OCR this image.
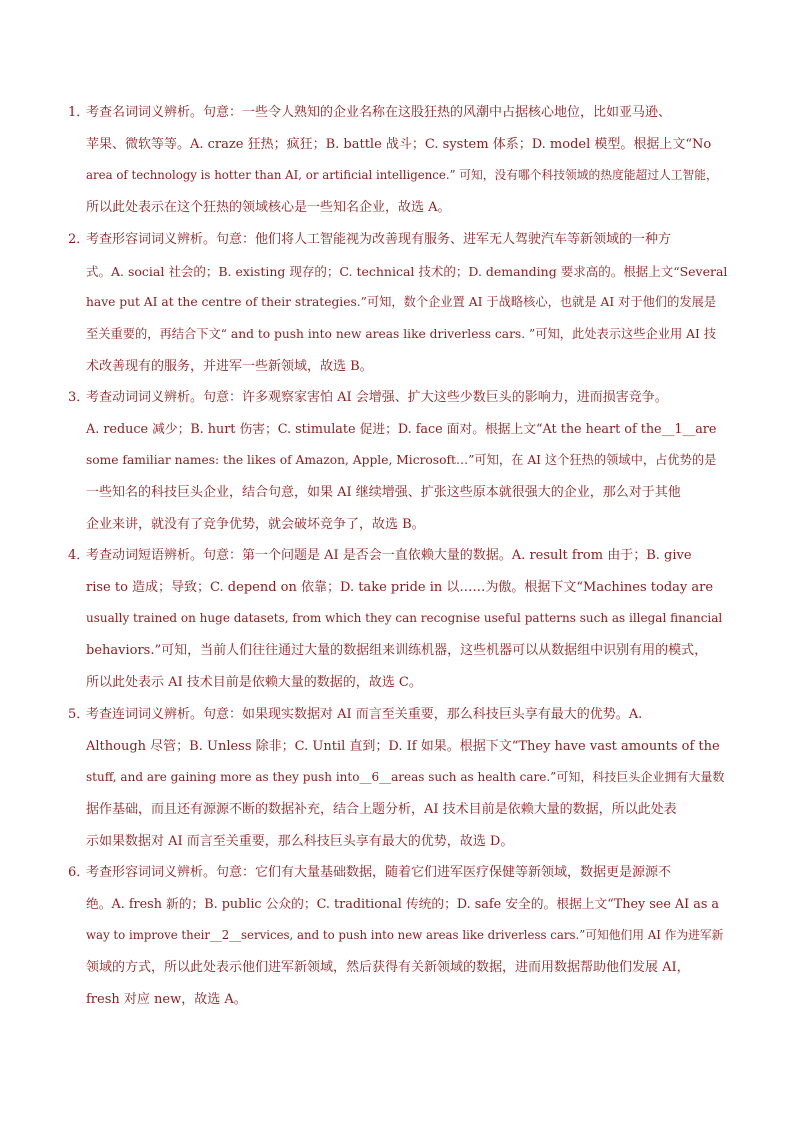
1．考查名词词义辨析。句意：一些令人熟知的企业名称在这股狂热的风潮中占据核心地位，比如亚马逊、
苹果、微软等等。A. craze 狂热；疯狂；B. battle 战斗；C. system 体系；D. model 模型。根据上文“No
area of technology is hotter than AI, or artificial intelligence.” 可知，没有哪个科技领域的热度能超过人工智能，
所以此处表示在这个狂热的领域核心是一些知名企业，故选 A。
2．考查形容词词义辨析。句意：他们将人工智能视为改善现有服务、进军无人驾驶汽车等新领域的一种方
式。A. social 社会的；B. existing 现存的；C. technical 技术的；D. demanding 要求高的。根据上文“Several
have put AI at the centre of their strategies.”可知，数个企业置 AI 于战略核心，也就是 AI 对于他们的发展是
至关重要的，再结合下文“ and to push into new areas like driverless cars. ”可知，此处表示这些企业用 AI 技
术改善现有的服务，并进军一些新领域，故选 B。
3．考查动词词义辨析。句意：许多观察家害怕 AI 会增强、扩大这些少数巨头的影响力，进而损害竞争。
A. reduce 减少；B. hurt 伤害；C. stimulate 促进；D. face 面对。根据上文“At the heart of the__1__are
some familiar names: the likes of Amazon, Apple, Microsoft…”可知，在 AI 这个狂热的领域中，占优势的是
一些知名的科技巨头企业，结合句意，如果 AI 继续增强、扩张这些原本就很强大的企业，那么对于其他
企业来讲，就没有了竞争优势，就会破坏竞争了，故选 B。
4．考查动词短语辨析。句意：第一个问题是 AI 是否会一直依赖大量的数据。A. result from 由于；B. give
rise to 造成；导致；C. depend on 依靠；D. take pride in 以……为傲。根据下文“Machines today are
usually trained on huge datasets, from which they can recognise useful patterns such as illegal financial
behaviors.”可知，当前人们往往通过大量的数据组来训练机器，这些机器可以从数据组中识别有用的模式，
所以此处表示 AI 技术目前是依赖大量的数据的，故选 C。
5．考查连词词义辨析。句意：如果现实数据对 AI 而言至关重要，那么科技巨头享有最大的优势。A.
Although 尽管；B. Unless 除非；C. Until 直到；D. If 如果。根据下文“They have vast amounts of the
stuff, and are gaining more as they push into__6__areas such as health care.”可知，科技巨头企业拥有大量数
据作基础，而且还有源源不断的数据补充，结合上题分析，AI 技术目前是依赖大量的数据，所以此处表
示如果数据对 AI 而言至关重要，那么科技巨头享有最大的优势，故选 D。
6．考查形容词词义辨析。句意：它们有大量基础数据，随着它们进军医疗保健等新领域，数据更是源源不
绝。A. fresh 新的；B. public 公众的；C. traditional 传统的；D. safe 安全的。根据上文“They see AI as a
way to improve their__2__services, and to push into new areas like driverless cars.”可知他们用 AI 作为进军新
领域的方式，所以此处表示他们进军新领域，然后获得有关新领域的数据，进而用数据帮助他们发展 AI，
fresh 对应 new，故选 A。
